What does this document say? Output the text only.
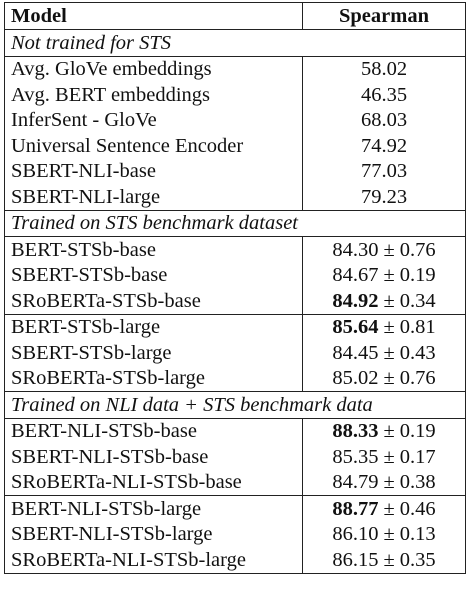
Model	Spearman
Not trained for STS	
Avg. GloVe embeddings	58.02
Avg. BERT embeddings	46.35
InferSent - GloVe	68.03
Universal Sentence Encoder	74.92
SBERT-NLI-base	77.03
SBERT-NLI-large	79.23
Trained on STS benchmark dataset	
BERT-STSb-base	84.30 ± 0.76
SBERT-STSb-base	84.67 ± 0.19
SRoBERTa-STSb-base	84.92 ± 0.34
BERT-STSb-large	85.64 ± 0.81
SBERT-STSb-large	84.45 ± 0.43
SRoBERTa-STSb-large	85.02 ± 0.76
Trained on NLI data + STS benchmark data	
BERT-NLI-STSb-base	88.33 ± 0.19
SBERT-NLI-STSb-base	85.35 ± 0.17
SRoBERTa-NLI-STSb-base	84.79 ± 0.38
BERT-NLI-STSb-large	88.77 ± 0.46
SBERT-NLI-STSb-large	86.10 ± 0.13
SRoBERTa-NLI-STSb-large	86.15 ± 0.35
